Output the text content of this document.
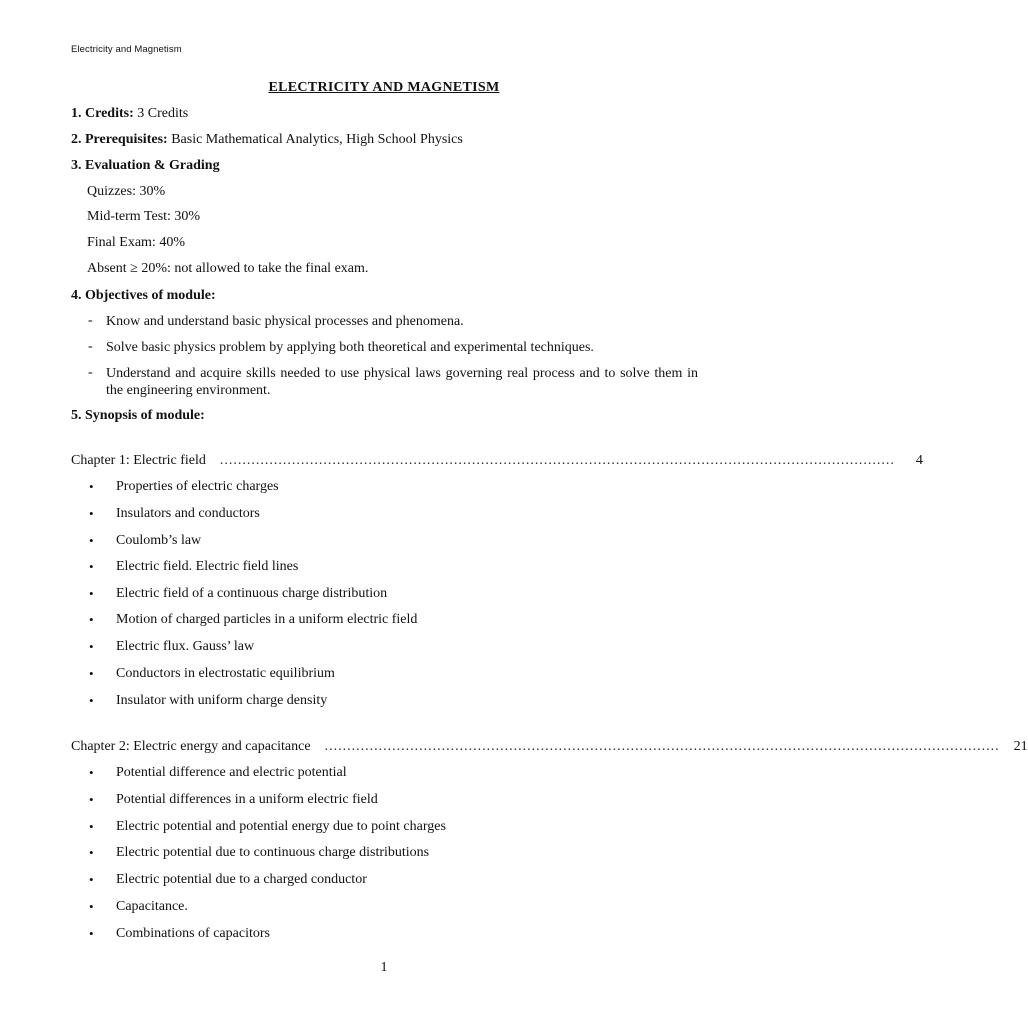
Electricity and Magnetism
ELECTRICITY AND MAGNETISM
1. Credits: 3 Credits
2. Prerequisites: Basic Mathematical Analytics, High School Physics
3. Evaluation & Grading
Quizzes: 30%
Mid-term Test: 30%
Final Exam: 40%
Absent ≥ 20%: not allowed to take the final exam.
4. Objectives of module:
- Know and understand basic physical processes and phenomena.
- Solve basic physics problem by applying both theoretical and experimental techniques.
- Understand and acquire skills needed to use physical laws governing real process and to solve them in the engineering environment.
5. Synopsis of module:
Chapter 1: Electric field	......................................................................................................................................................	4
• Properties of electric charges
• Insulators and conductors
• Coulomb’s law
• Electric field. Electric field lines
• Electric field of a continuous charge distribution
• Motion of charged particles in a uniform electric field
• Electric flux. Gauss’ law
• Conductors in electrostatic equilibrium
• Insulator with uniform charge density
Chapter 2: Electric energy and capacitance	......................................................................................................................................................	21
• Potential difference and electric potential
• Potential differences in a uniform electric field
• Electric potential and potential energy due to point charges
• Electric potential due to continuous charge distributions
• Electric potential due to a charged conductor
• Capacitance.
• Combinations of capacitors
1
